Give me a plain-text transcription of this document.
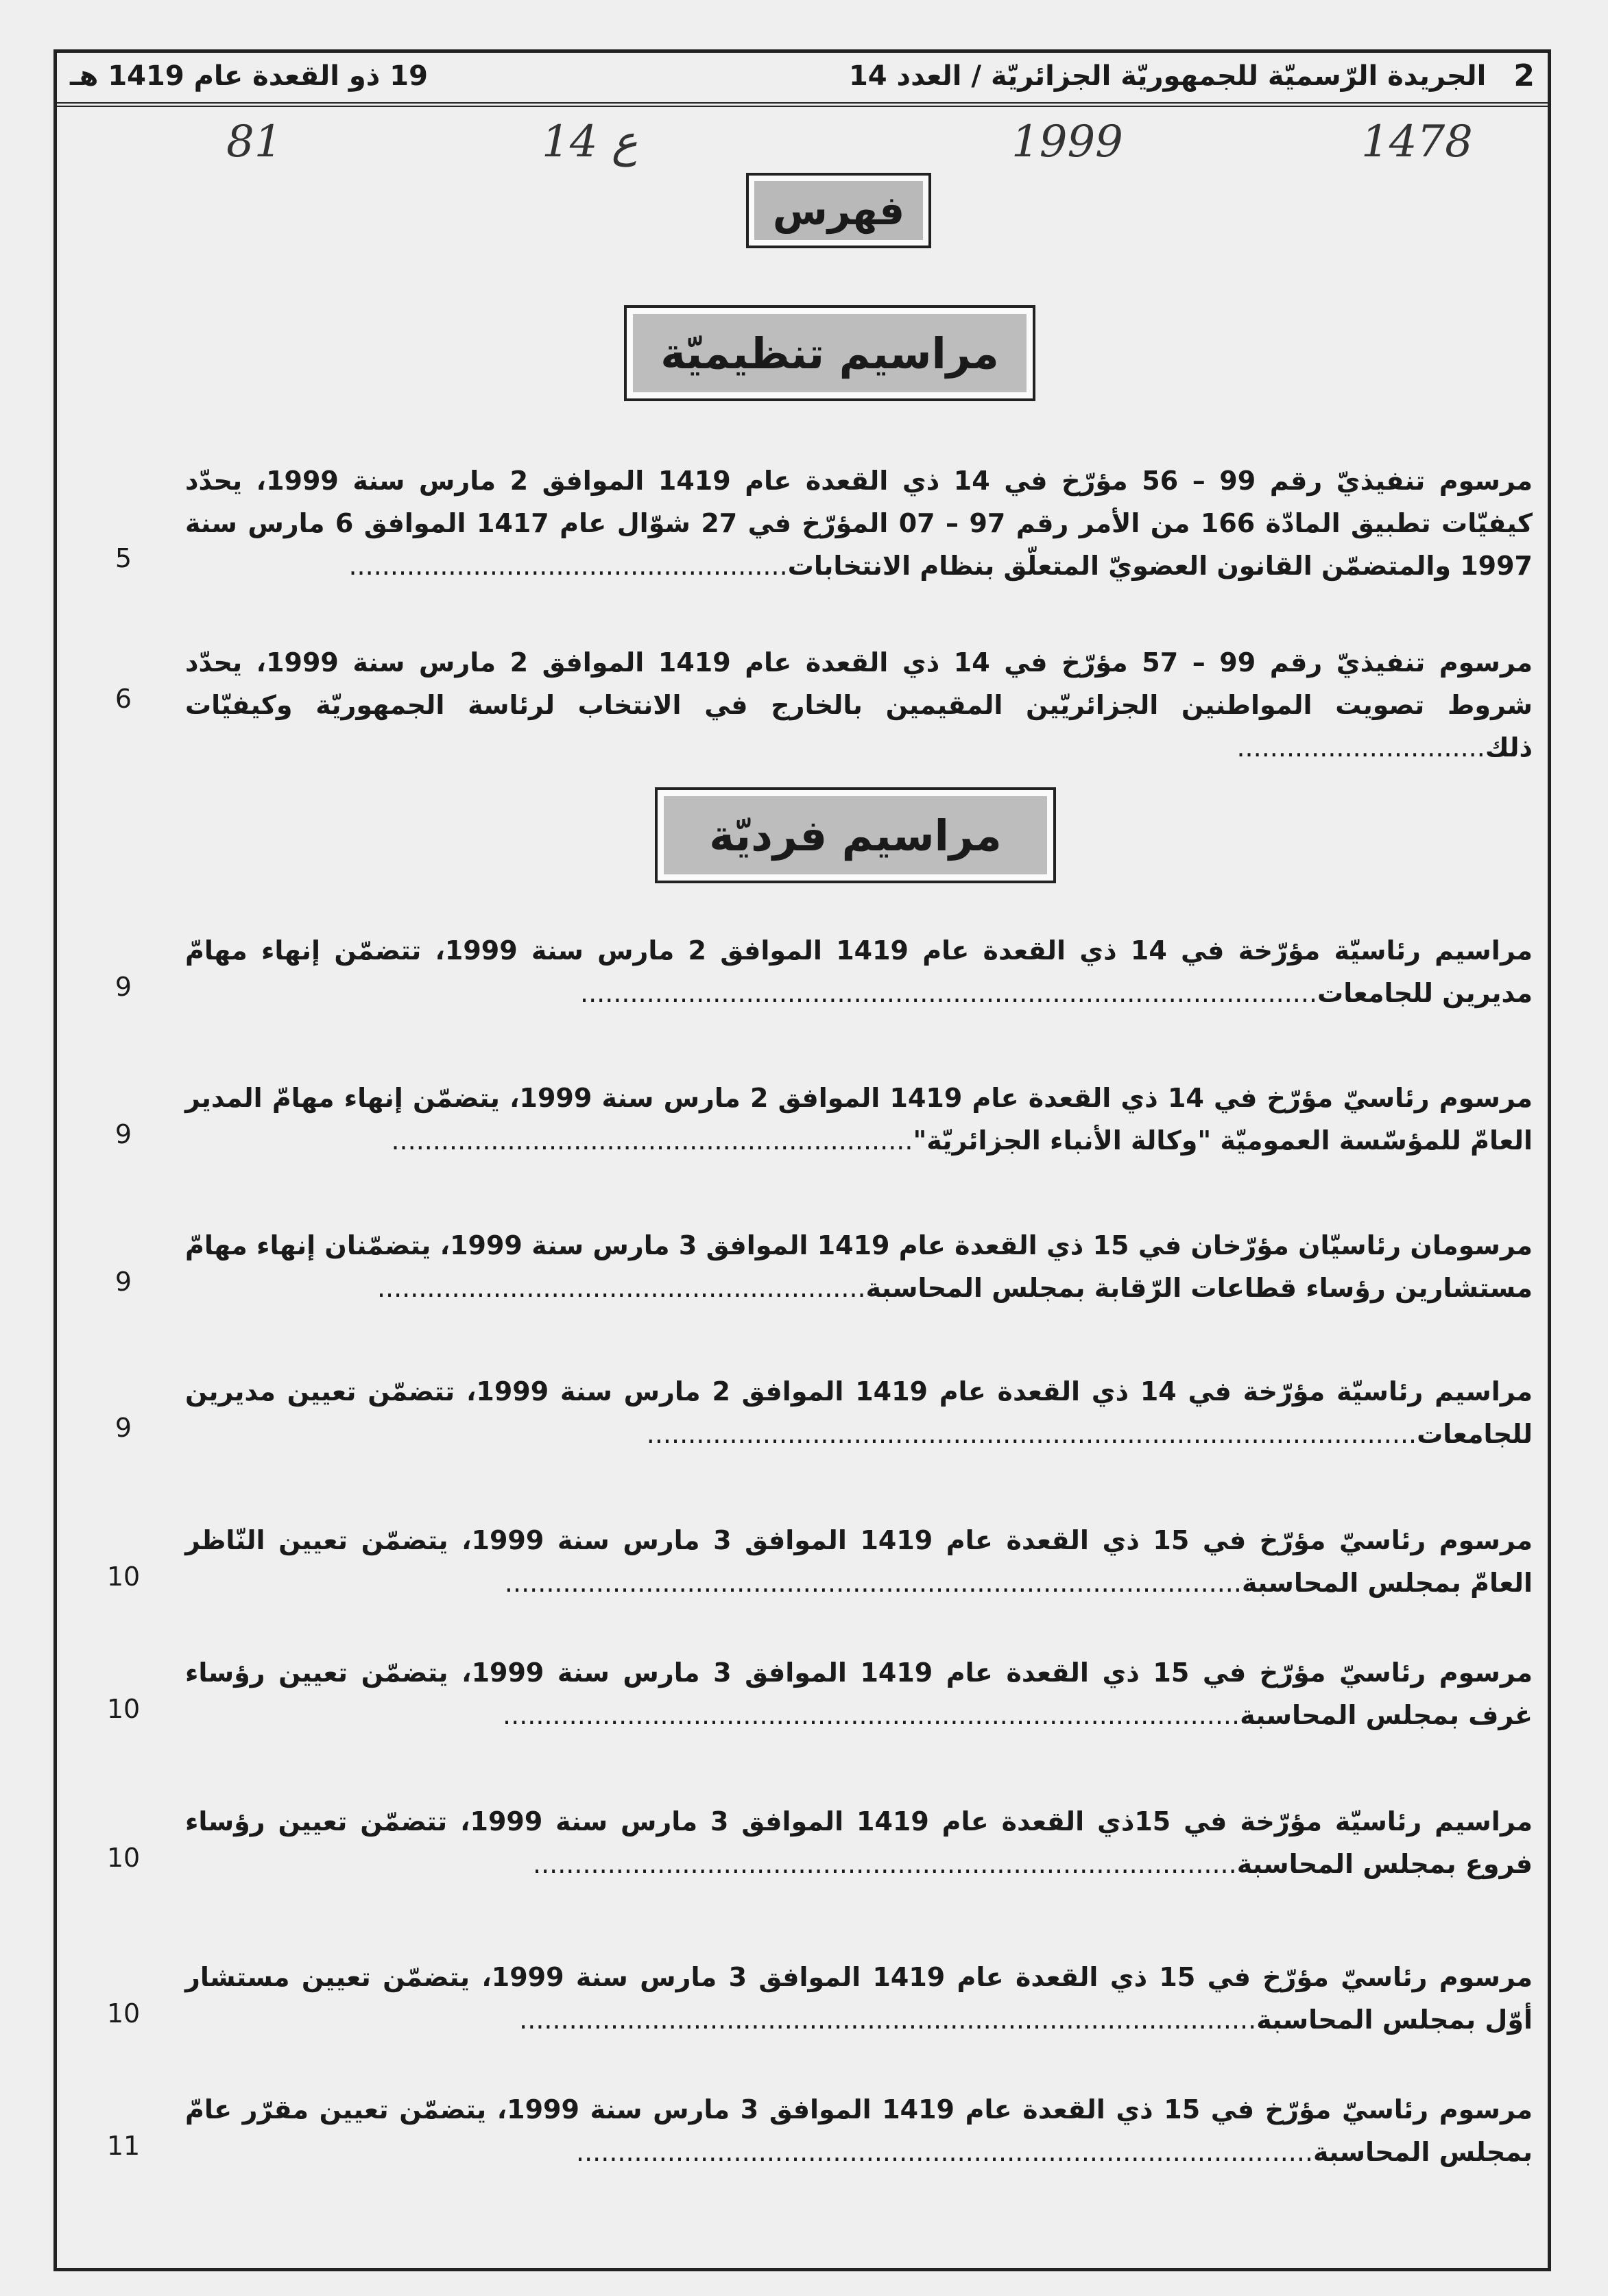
2
الجريدة الرّسميّة للجمهوريّة الجزائريّة / العدد 14
19 ذو القعدة عام 1419 هـ
1478
1999
14 ع
81
فهرس
مراسيم تنظيميّة
مرسوم تنفيذيّ رقم 99 – 56 مؤرّخ في 14 ذي القعدة عام 1419 الموافق 2 مارس سنة 1999، يحدّد كيفيّات تطبيق المادّة 166 من الأمر رقم 97 – 07 المؤرّخ في 27 شوّال عام 1417 الموافق 6 مارس سنة 1997 والمتضمّن القانون العضويّ المتعلّق بنظام الانتخابات.....................................................
5
مرسوم تنفيذيّ رقم 99 – 57 مؤرّخ في 14 ذي القعدة عام 1419 الموافق 2 مارس سنة 1999، يحدّد شروط تصويت المواطنين الجزائريّين المقيمين بالخارج في الانتخاب لرئاسة الجمهوريّة وكيفيّات ذلك..............................
6
مراسيم فرديّة
مراسيم رئاسيّة مؤرّخة في 14 ذي القعدة عام 1419 الموافق 2 مارس سنة 1999، تتضمّن إنهاء مهامّ مديرين للجامعات.........................................................................................
9
مرسوم رئاسيّ مؤرّخ في 14 ذي القعدة عام 1419 الموافق 2 مارس سنة 1999، يتضمّن إنهاء مهامّ المدير العامّ للمؤسّسة العموميّة "وكالة الأنباء الجزائريّة"...............................................................
9
مرسومان رئاسيّان مؤرّخان في 15 ذي القعدة عام 1419 الموافق 3 مارس سنة 1999، يتضمّنان إنهاء مهامّ مستشارين رؤساء قطاعات الرّقابة بمجلس المحاسبة...........................................................
9
مراسيم رئاسيّة مؤرّخة في 14 ذي القعدة عام 1419 الموافق 2 مارس سنة 1999، تتضمّن تعيين مديرين للجامعات.............................................................................................
9
مرسوم رئاسيّ مؤرّخ في 15 ذي القعدة عام 1419 الموافق 3 مارس سنة 1999، يتضمّن تعيين النّاظر العامّ بمجلس المحاسبة.........................................................................................
10
مرسوم رئاسيّ مؤرّخ في 15 ذي القعدة عام 1419 الموافق 3 مارس سنة 1999، يتضمّن تعيين رؤساء غرف بمجلس المحاسبة.........................................................................................
10
مراسيم رئاسيّة مؤرّخة في 15ذي القعدة عام 1419 الموافق 3 مارس سنة 1999، تتضمّن تعيين رؤساء فروع بمجلس المحاسبة.....................................................................................
10
مرسوم رئاسيّ مؤرّخ في 15 ذي القعدة عام 1419 الموافق 3 مارس سنة 1999، يتضمّن تعيين مستشار أوّل بمجلس المحاسبة.........................................................................................
10
مرسوم رئاسيّ مؤرّخ في 15 ذي القعدة عام 1419 الموافق 3 مارس سنة 1999، يتضمّن تعيين مقرّر عامّ بمجلس المحاسبة.........................................................................................
11
